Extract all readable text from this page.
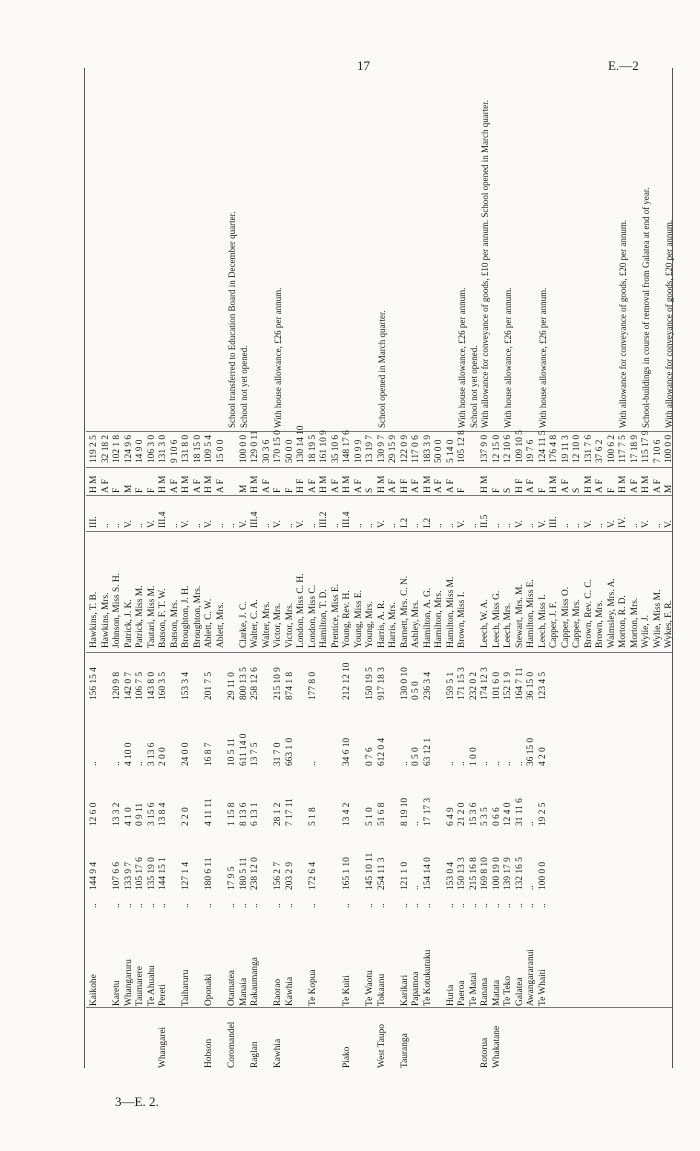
17	E.—2
Kaikohe
..
144 9 4
12 6 0
..
156 15 4
Hawkins, T. B.
III.
H M
119 2 5
Hawkins, Mrs.
..
A F
32 18 2
Karetu
..
107 6 6
13 3 2
..
120 9 8
Johnson, Miss S. H.
..
F
102 1 8
Whangaruru
..
133 9 7
4 1 0
4 10 0
142 0 7
Patrick, J. K.
V.
M
124 9 6
Taumarere
..
105 17 6
0 9 11
..
106 7 5
Patrick, Miss M.
..
F
14 9 0
Te Ahuahu
..
135 19 0
3 15 6
3 13 6
143 8 0
Tautari, Miss M.
V.
F
106 3 0
Whangarei
Pereti
..
144 15 1
13 8 4
2 0 0
160 3 5
Batson, F. T. W.
III.4
H M
131 3 0
Batson, Mrs.
..
A F
9 10 6
Taiharuru
..
127 1 4
2 2 0
24 0 0
153 3 4
Broughton, J. H.
V.
H M
131 8 0
Broughton, Mrs.
..
A F
18 15 0
Hobson
Oponaki
..
180 6 11
4 11 11
16 8 7
201 7 5
Ablett, C. W.
V.
H M
109 5 4
Ablett, Mrs.
..
A F
15 0 0
Coromandel
Otamatea
..
17 9 5
1 15 8
10 5 11
29 11 0
..
School transferred to Education Board in December quarter.
Manaia
..
180 5 11
8 13 6
611 14 0
800 13 5
Clarke, J. C.
V.
M
100 0 0
School not yet opened.
Raglan
Rakaumanga
..
238 12 0
6 13 1
13 7 5
258 12 6
Walter, C. A.
III.4
H M
129 0 11
Walter, Mrs.
..
A F
30 3 6
Kawhia
Raorao
..
156 2 7
28 1 2
31 7 0
215 10 9
Victor, Mrs.
V.
F
170 15 0
With house allowance, £26 per annum.
Kawhia
..
203 2 9
7 17 11
663 1 0
874 1 8
Victor, Mrs.
..
F
50 0 0
London, Miss C. H.
V.
H F
130 14 10
Te Kopua
..
172 6 4
5 1 8
..
177 8 0
London, Miss C.
..
A F
18 19 5
Hamilton, T. D.
III.2
H M
161 10 9
Prentice, Miss E.
..
A F
35 10 6
Piako
Te Kuiti
..
165 1 10
13 4 2
34 6 10
212 12 10
Young, Rev. H.
III.4
H M
148 17 6
Young, Miss E.
..
A F
10 9 9
Te Waotu
..
145 10 11
5 1 0
0 7 6
150 19 5
Young, Mrs.
..
S
13 19 7
West Taupo
Tokaanu
..
254 11 3
51 6 8
612 0 4
917 18 3
Harris, A. R.
V.
H M
130 9 7
School opened in March quarter.
Harris, Mrs.
..
A F
29 15 9
Tauranga
Karikari
..
121 1 0
8 19 10
..
130 0 10
Barnett, Mrs. C. N.
I.2
H F
122 0 9
Papamoa
..
..
..
0 5 0
0 5 0
Ashley, Mrs.
..
A F
117 0 6
Te Kotukutuku
..
154 14 0
17 17 3
63 12 1
236 3 4
Hamilton, A. G.
I.2
H M
183 3 9
Hamilton, Mrs.
..
A F
50 0 0
Huria
..
153 0 4
6 4 9
..
159 5 1
Hamilton, Miss M.
..
A F
5 14 0
Paeroa
..
150 13 3
21 2 0
..
171 15 3
Brown, Miss I.
V.
F
105 12 8
With house allowance, £26 per annum.
Te Matai
..
215 16 8
15 3 6
1 0 0
232 0 2
..
School not yet opened.
Rotorua
Ranana
..
169 8 10
5 3 5
..
174 12 3
Leech, W. A.
II.5
H M
137 9 0
With allowance for conveyance of goods, £10 per annum. School opened in March quarter.
Whakatane
Matata
..
100 19 0
0 6 6
..
101 6 0
Leech, Miss G.
..
F
12 15 0
Te Teko
..
139 17 9
12 4 0
..
152 1 9
Leech, Mrs.
..
S
12 10 6
With house allowance, £26 per annum.
Galatea
..
132 16 5
31 11 6
..
164 7 11
Stewart, Mrs. M.
V.
H F
109 10 5
Awangararanui
..
..
..
36 15 0
36 15 0
Hamilton, Miss E.
..
A F
19 7 6
Te Whaiti
..
100 0 0
19 2 5
4 2 0
123 4 5
Leech, Miss I.
V.
F
124 11 5
With house allowance, £26 per annum.
Capper, J. F.
III.
H M
176 4 8
Capper, Miss O.
..
A F
19 11 3
Capper, Mrs.
..
S
12 10 0
Brown, Rev. C. C.
V.
H M
131 7 6
Brown, Mrs.
..
A F
37 6 2
Walmsley, Mrs. A.
V.
F
100 6 2
Morton, R. D.
IV.
H M
117 7 5
With allowance for conveyance of goods, £20 per annum.
Morton, Mrs.
..
A F
17 18 9
Wylie, J.
V.
H M
115 17 9
School-buildings in course of removal from Galatea at end of year.
Wylie, Miss M.
..
A F
7 10 6
Wykes, F. R.
V.
M
100 0 0
With allowance for conveyance of goods, £20 per annum.
3—E. 2.
